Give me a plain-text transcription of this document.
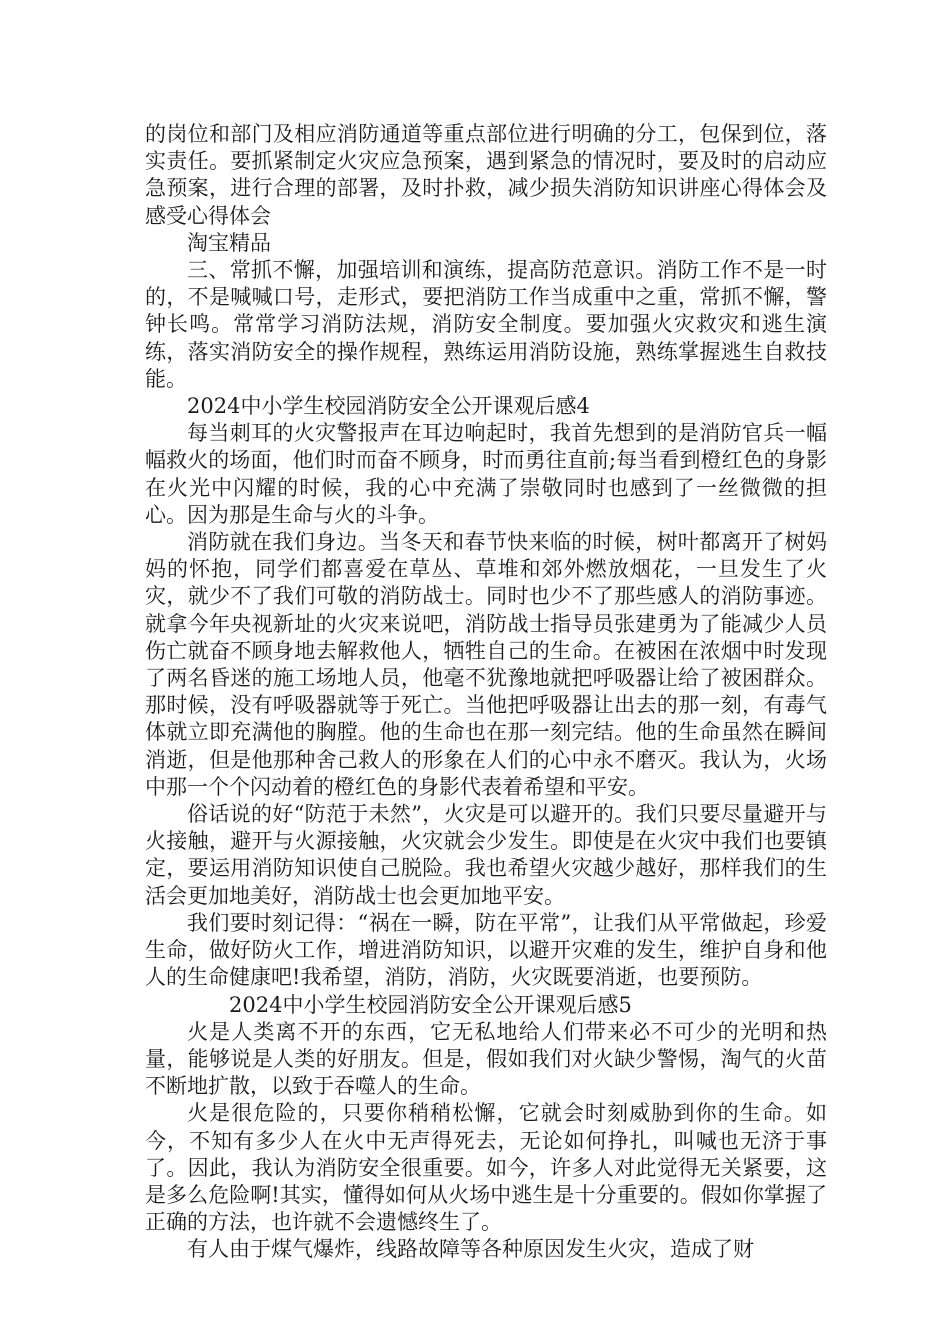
的岗位和部门及相应消防通道等重点部位进行明确的分工，包保到位，落实责任。要抓紧制定火灾应急预案，遇到紧急的情况时，要及时的启动应急预案，进行合理的部署，及时扑救，减少损失消防知识讲座心得体会及感受心得体会

淘宝精品

三、常抓不懈，加强培训和演练，提高防范意识。消防工作不是一时的，不是喊喊口号，走形式，要把消防工作当成重中之重，常抓不懈，警钟长鸣。常常学习消防法规，消防安全制度。要加强火灾救灾和逃生演练，落实消防安全的操作规程，熟练运用消防设施，熟练掌握逃生自救技能。

2024中小学生校园消防安全公开课观后感4

每当刺耳的火灾警报声在耳边响起时，我首先想到的是消防官兵一幅幅救火的场面，他们时而奋不顾身，时而勇往直前;每当看到橙红色的身影在火光中闪耀的时候，我的心中充满了崇敬同时也感到了一丝微微的担心。因为那是生命与火的斗争。

消防就在我们身边。当冬天和春节快来临的时候，树叶都离开了树妈妈的怀抱，同学们都喜爱在草丛、草堆和郊外燃放烟花，一旦发生了火灾，就少不了我们可敬的消防战士。同时也少不了那些感人的消防事迹。就拿今年央视新址的火灾来说吧，消防战士指导员张建勇为了能减少人员伤亡就奋不顾身地去解救他人，牺牲自己的生命。在被困在浓烟中时发现了两名昏迷的施工场地人员，他毫不犹豫地就把呼吸器让给了被困群众。那时候，没有呼吸器就等于死亡。当他把呼吸器让出去的那一刻，有毒气体就立即充满他的胸膛。他的生命也在那一刻完结。他的生命虽然在瞬间消逝，但是他那种舍己救人的形象在人们的心中永不磨灭。我认为，火场中那一个个闪动着的橙红色的身影代表着希望和平安。

俗话说的好“防范于未然”，火灾是可以避开的。我们只要尽量避开与火接触，避开与火源接触，火灾就会少发生。即使是在火灾中我们也要镇定，要运用消防知识使自己脱险。我也希望火灾越少越好，那样我们的生活会更加地美好，消防战士也会更加地平安。

我们要时刻记得：“祸在一瞬，防在平常”，让我们从平常做起，珍爱生命，做好防火工作，增进消防知识，以避开灾难的发生，维护自身和他人的生命健康吧!我希望，消防，消防，火灾既要消逝，也要预防。

2024中小学生校园消防安全公开课观后感5

火是人类离不开的东西，它无私地给人们带来必不可少的光明和热量，能够说是人类的好朋友。但是，假如我们对火缺少警惕，淘气的火苗不断地扩散，以致于吞噬人的生命。

火是很危险的，只要你稍稍松懈，它就会时刻威胁到你的生命。如今，不知有多少人在火中无声得死去，无论如何挣扎，叫喊也无济于事了。因此，我认为消防安全很重要。如今，许多人对此觉得无关紧要，这是多么危险啊!其实，懂得如何从火场中逃生是十分重要的。假如你掌握了正确的方法，也许就不会遗憾终生了。

有人由于煤气爆炸，线路故障等各种原因发生火灾，造成了财
